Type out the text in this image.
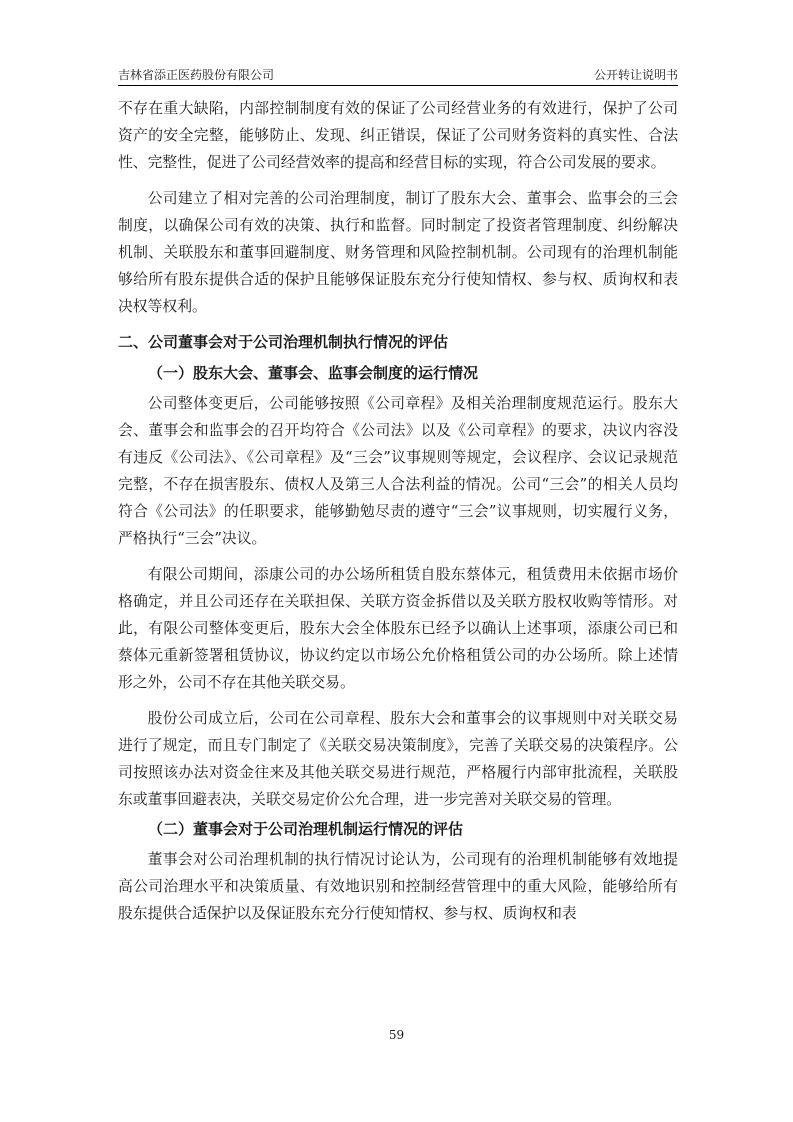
吉林省添正医药股份有限公司	公开转让说明书

不存在重大缺陷，内部控制制度有效的保证了公司经营业务的有效进行，保护了公司资产的安全完整，能够防止、发现、纠正错误，保证了公司财务资料的真实性、合法性、完整性，促进了公司经营效率的提高和经营目标的实现，符合公司发展的要求。

公司建立了相对完善的公司治理制度，制订了股东大会、董事会、监事会的三会制度，以确保公司有效的决策、执行和监督。同时制定了投资者管理制度、纠纷解决机制、关联股东和董事回避制度、财务管理和风险控制机制。公司现有的治理机制能够给所有股东提供合适的保护且能够保证股东充分行使知情权、参与权、质询权和表决权等权利。

二、公司董事会对于公司治理机制执行情况的评估
（一）股东大会、董事会、监事会制度的运行情况

公司整体变更后，公司能够按照《公司章程》及相关治理制度规范运行。股东大会、董事会和监事会的召开均符合《公司法》以及《公司章程》的要求，决议内容没有违反《公司法》、《公司章程》及“三会”议事规则等规定，会议程序、会议记录规范完整，不存在损害股东、债权人及第三人合法利益的情况。公司“三会”的相关人员均符合《公司法》的任职要求，能够勤勉尽责的遵守“三会”议事规则，切实履行义务，严格执行“三会”决议。

有限公司期间，添康公司的办公场所租赁自股东蔡体元，租赁费用未依据市场价格确定，并且公司还存在关联担保、关联方资金拆借以及关联方股权收购等情形。对此，有限公司整体变更后，股东大会全体股东已经予以确认上述事项，添康公司已和蔡体元重新签署租赁协议，协议约定以市场公允价格租赁公司的办公场所。除上述情形之外，公司不存在其他关联交易。

股份公司成立后，公司在公司章程、股东大会和董事会的议事规则中对关联交易进行了规定，而且专门制定了《关联交易决策制度》，完善了关联交易的决策程序。公司按照该办法对资金往来及其他关联交易进行规范，严格履行内部审批流程，关联股东或董事回避表决，关联交易定价公允合理，进一步完善对关联交易的管理。

（二）董事会对于公司治理机制运行情况的评估

董事会对公司治理机制的执行情况讨论认为，公司现有的治理机制能够有效地提高公司治理水平和决策质量、有效地识别和控制经营管理中的重大风险，能够给所有股东提供合适保护以及保证股东充分行使知情权、参与权、质询权和表

59
